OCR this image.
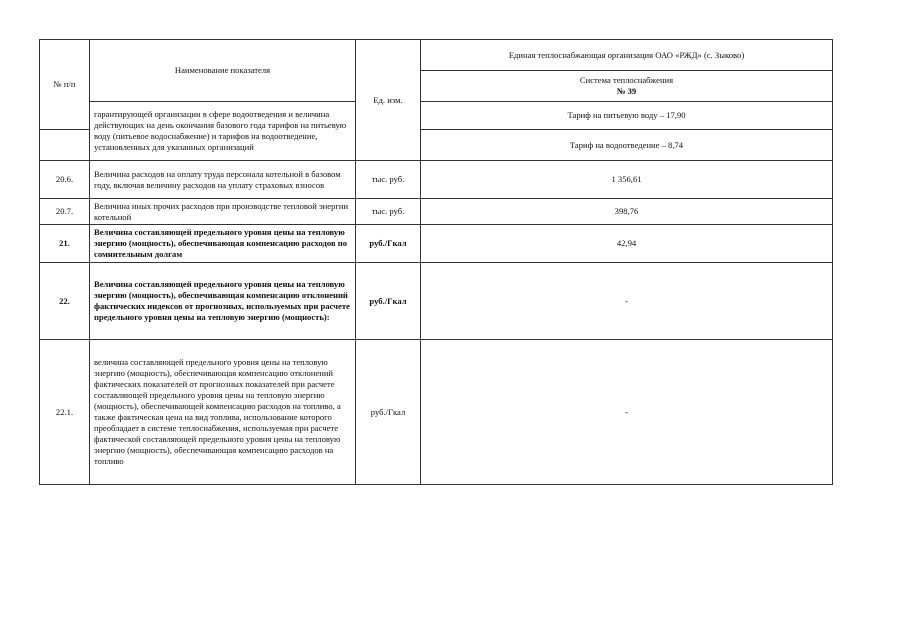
№ п/п	Наименование показателя	Ед. изм.	Единая теплоснабжающая организация ОАО «РЖД» (с. Зыково)

			Система теплоснабжения
№ 39

	гарантирующей организации в сфере водоотведения и величина действующих на день окончания базового года тарифов на питьевую воду (питьевое водоснабжение) и тарифов на водоотведение, установленных для указанных организаций		Тариф на питьевую воду – 17,90
			Тариф на водоотведение – 8,74
20.6.	Величина расходов на оплату труда персонала котельной в базовом году, включая величину расходов на уплату страховых взносов	тыс. руб.	1 356,61
20.7.	Величина иных прочих расходов при производстве тепловой энергии котельной	тыс. руб.	398,76
21.	Величина составляющей предельного уровня цены на тепловую энергию (мощность), обеспечивающая компенсацию расходов по сомнительным долгам	руб./Гкал	42,94
22.	Величина составляющей предельного уровня цены на тепловую энергию (мощность), обеспечивающая компенсацию отклонений фактических индексов от прогнозных, используемых при расчете предельного уровня цены на тепловую энергию (мощность):	руб./Гкал	-
22.1.	величина составляющей предельного уровня цены на тепловую энергию (мощность), обеспечивающая компенсацию отклонений фактических показателей от прогнозных показателей при расчете составляющей предельного уровня цены на тепловую энергию (мощность), обеспечивающей компенсацию расходов на топливо, а также фактическая цена на вид топлива, использование которого преобладает в системе теплоснабжения, используемая при расчете фактической составляющей предельного уровня цены на тепловую энергию (мощность), обеспечивающая компенсацию расходов на топливо	руб./Гкал	-
